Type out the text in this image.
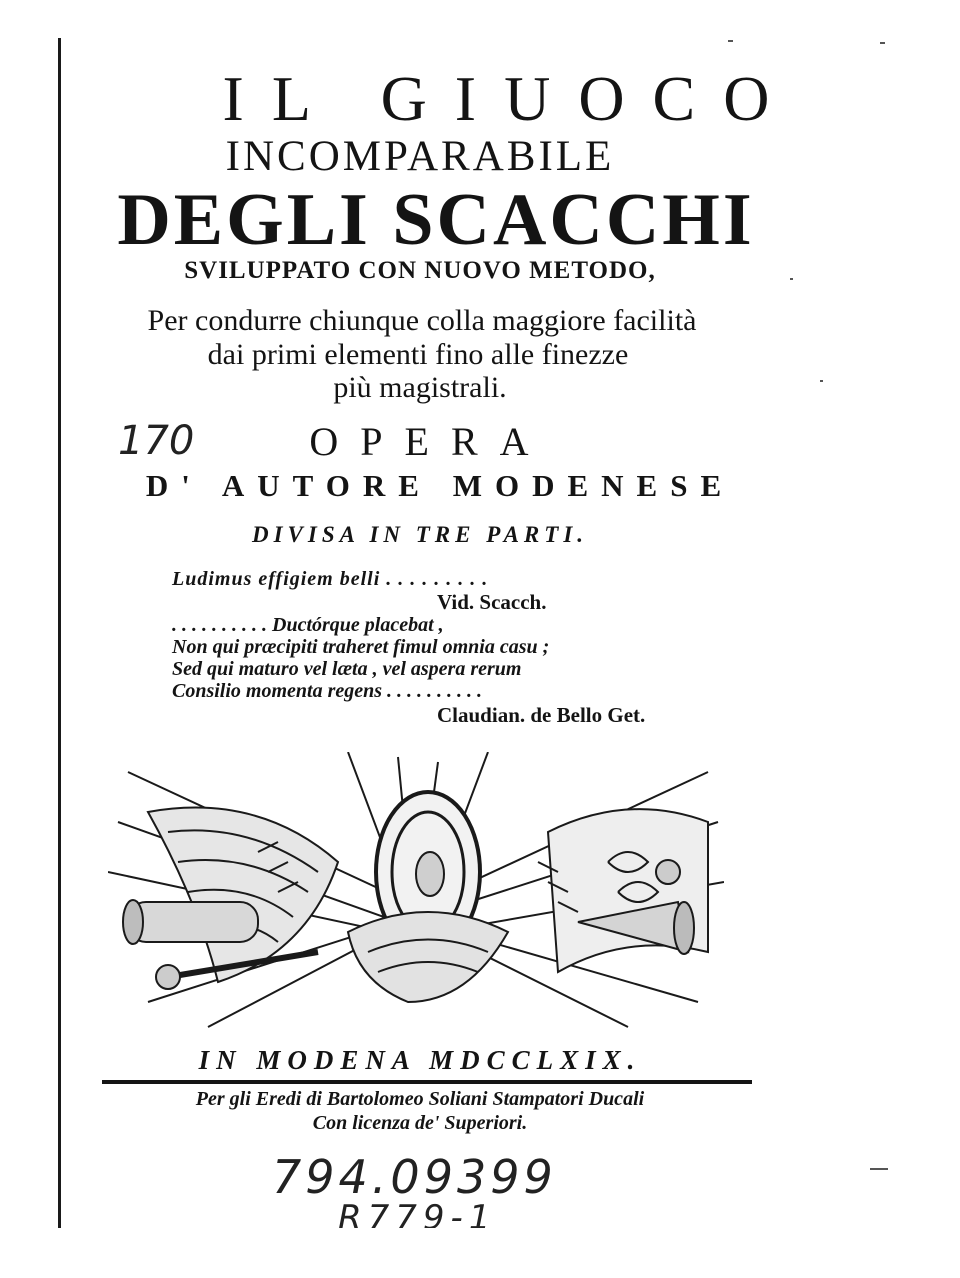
IL GIUOCO
INCOMPARABILE
DEGLI SCACCHI
SVILUPPATO CON NUOVO METODO,
Per condurre chiunque colla maggiore facilità
dai primi elementi fino alle finezze
più magistrali.
170	OPERA
D' AUTORE MODENESE
DIVISA IN TRE PARTI.
Ludimus effigiem belli . . . . . . . . .
Vid. Scacch.
. . . . . . . . . . Ductórque placebat ,
Non qui præcipiti traheret fimul omnia casu ;
Sed qui maturo vel læta , vel aspera rerum
Consilio momenta regens . . . . . . . . . .
Claudian. de Bello Get.
IN MODENA MDCCLXIX.
Per gli Eredi di Bartolomeo Soliani Stampatori Ducali
Con licenza de' Superiori.
794.09399
R779-1
